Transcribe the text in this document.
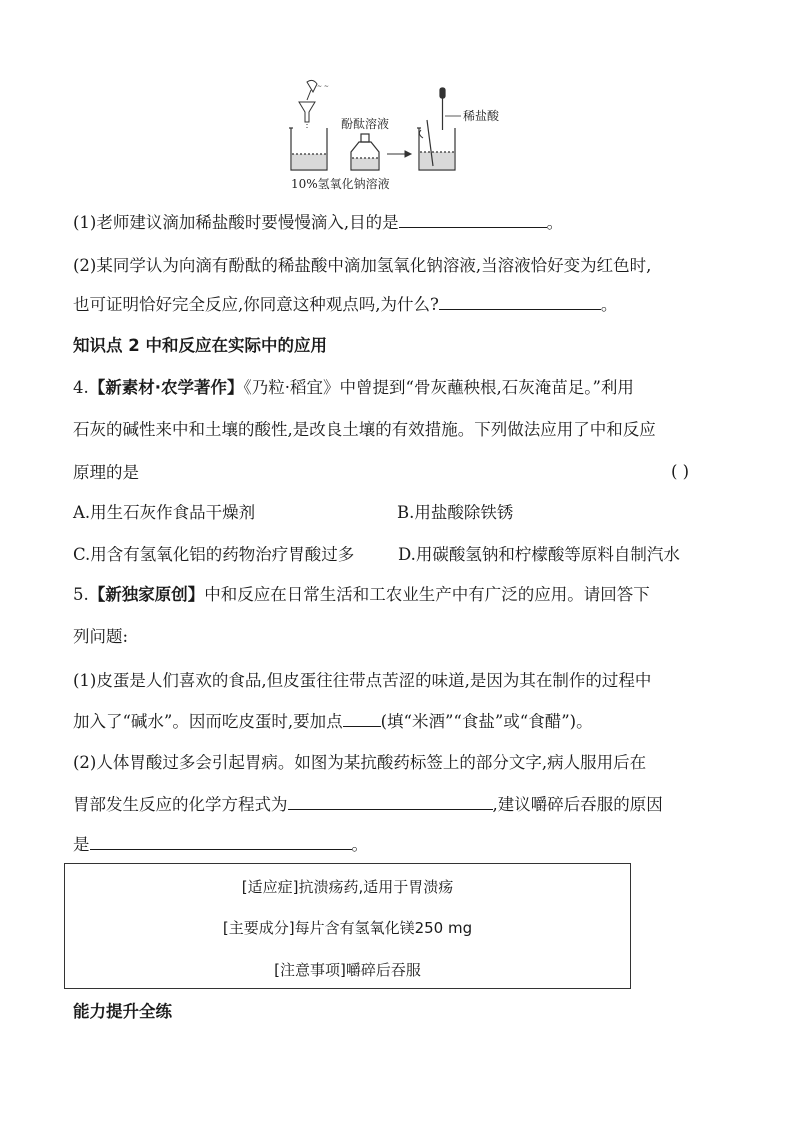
~ ~
酚酞溶液
稀盐酸
10%氢氧化钠溶液
(1)老师建议滴加稀盐酸时要慢慢滴入,目的是	。
(2)某同学认为向滴有酚酞的稀盐酸中滴加氢氧化钠溶液,当溶液恰好变为红色时,
也可证明恰好完全反应,你同意这种观点吗,为什么?	。
知识点 2 中和反应在实际中的应用
4.【新素材·农学著作】《乃粒·稻宜》中曾提到“骨灰蘸秧根,石灰淹苗足。”利用
石灰的碱性来中和土壤的酸性,是改良土壤的有效措施。下列做法应用了中和反应
原理的是	( )
A.用生石灰作食品干燥剂	B.用盐酸除铁锈
C.用含有氢氧化铝的药物治疗胃酸过多	D.用碳酸氢钠和柠檬酸等原料自制汽水
5.【新独家原创】中和反应在日常生活和工农业生产中有广泛的应用。请回答下
列问题:
(1)皮蛋是人们喜欢的食品,但皮蛋往往带点苦涩的味道,是因为其在制作的过程中
加入了“碱水”。因而吃皮蛋时,要加点 (填“米酒”“食盐”或“食醋”)。
(2)人体胃酸过多会引起胃病。如图为某抗酸药标签上的部分文字,病人服用后在
胃部发生反应的化学方程式为	,建议嚼碎后吞服的原因
是	。
[适应症]抗溃疡药,适用于胃溃疡
[主要成分]每片含有氢氧化镁250 mg
[注意事项]嚼碎后吞服
能力提升全练
